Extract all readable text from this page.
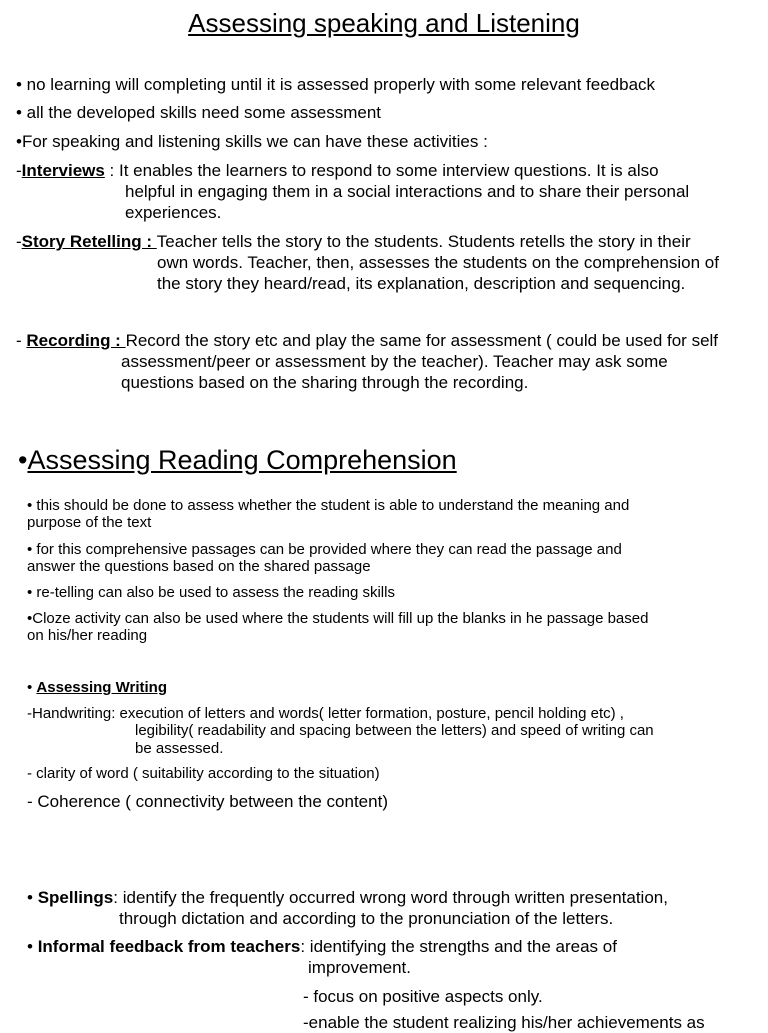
Assessing speaking and Listening
• no learning will completing until it is assessed properly with some relevant feedback
• all the developed skills need some assessment
•For speaking and listening skills we can have these activities :
-Interviews : It enables the learners to respond to some interview questions. It is also
helpful in engaging them in a social interactions and to share their personal
experiences.
-Story Retelling : Teacher tells the story to the students. Students retells the story in their
own words. Teacher, then, assesses the students on the comprehension of
the story they heard/read, its explanation, description and sequencing.
- Recording : Record the story etc and play the same for assessment ( could be used for self
assessment/peer or assessment by the teacher). Teacher may ask some
questions based on the sharing through the recording.
•Assessing Reading Comprehension
• this should be done to assess whether the student is able to understand the meaning and
purpose of the text
• for this comprehensive passages can be provided where they can read the passage and
answer the questions based on the shared passage
• re-telling can also be used to assess the reading skills
•Cloze activity can also be used where the students will fill up the blanks in he passage based
on his/her reading
• Assessing Writing
-Handwriting: execution of letters and words( letter formation, posture, pencil holding etc) ,
legibility( readability and spacing between the letters) and speed of writing can
be assessed.
- clarity of word ( suitability according to the situation)
- Coherence ( connectivity between the content)
• Spellings: identify the frequently occurred wrong word through written presentation,
through dictation and according to the pronunciation of the letters.
• Informal feedback from teachers: identifying the strengths and the areas of
improvement.
- focus on positive aspects only.
-enable the student realizing his/her achievements as
